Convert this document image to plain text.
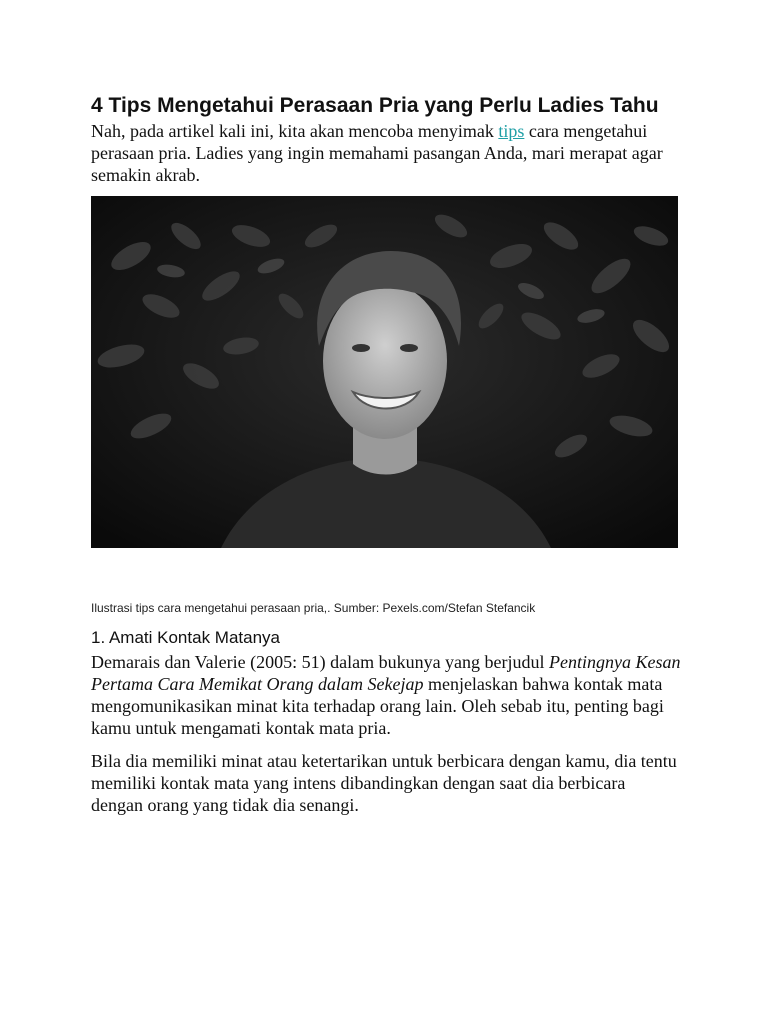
4 Tips Mengetahui Perasaan Pria yang Perlu Ladies Tahu

Nah, pada artikel kali ini, kita akan mencoba menyimak tips cara mengetahui perasaan pria. Ladies yang ingin memahami pasangan Anda, mari merapat agar semakin akrab.

Ilustrasi tips cara mengetahui perasaan pria,. Sumber: Pexels.com/Stefan Stefancik
1. Amati Kontak Matanya

Demarais dan Valerie (2005: 51) dalam bukunya yang berjudul Pentingnya Kesan Pertama Cara Memikat Orang dalam Sekejap menjelaskan bahwa kontak mata mengomunikasikan minat kita terhadap orang lain. Oleh sebab itu, penting bagi kamu untuk mengamati kontak mata pria.

Bila dia memiliki minat atau ketertarikan untuk berbicara dengan kamu, dia tentu memiliki kontak mata yang intens dibandingkan dengan saat dia berbicara dengan orang yang tidak dia senangi.
